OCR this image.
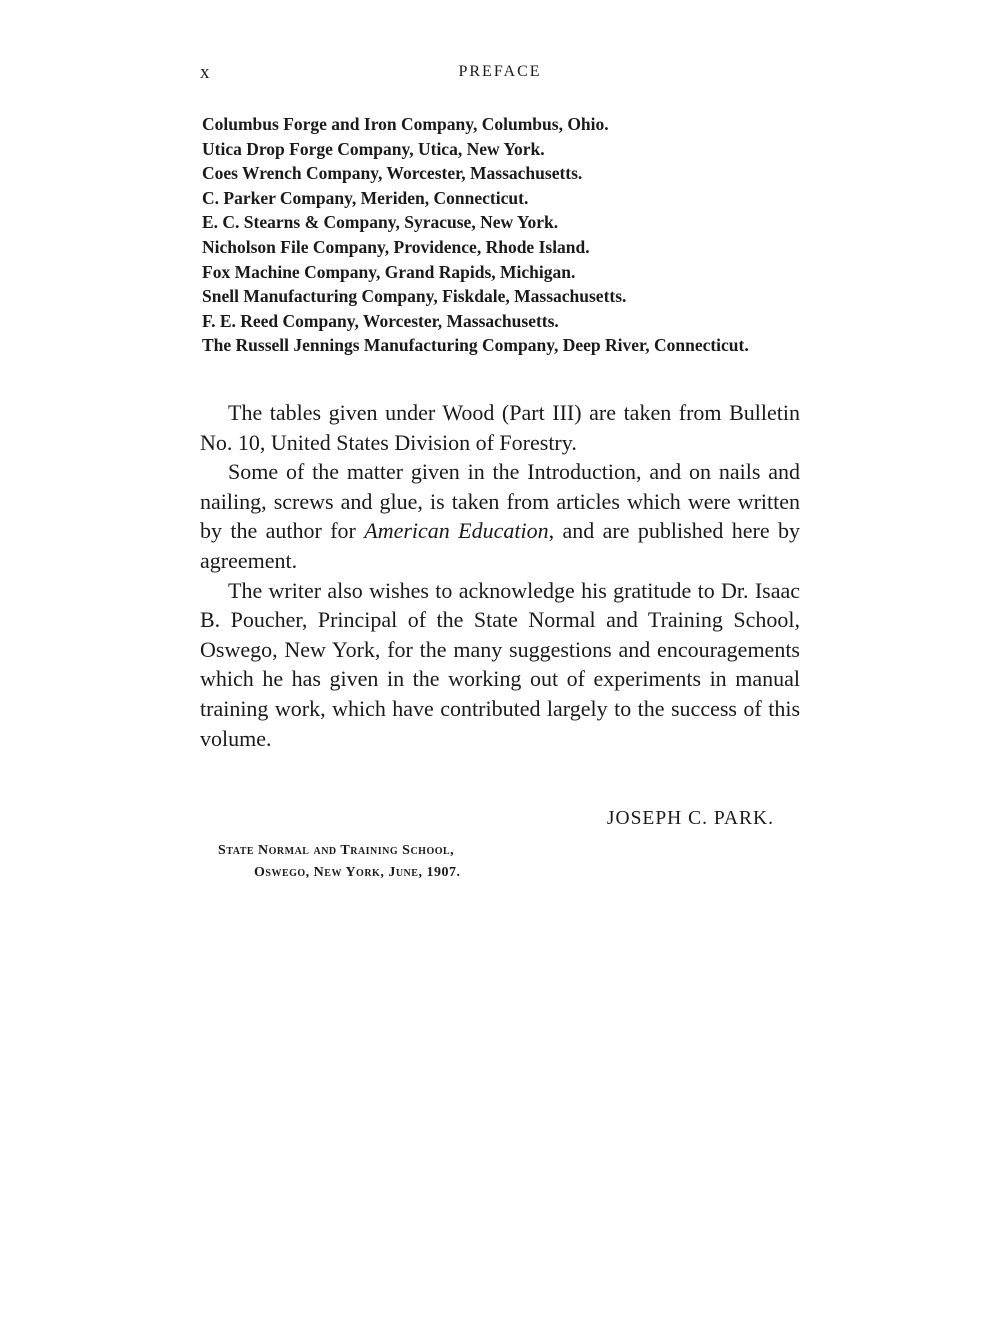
x	PREFACE
Columbus Forge and Iron Company, Columbus, Ohio.
Utica Drop Forge Company, Utica, New York.
Coes Wrench Company, Worcester, Massachusetts.
C. Parker Company, Meriden, Connecticut.
E. C. Stearns & Company, Syracuse, New York.
Nicholson File Company, Providence, Rhode Island.
Fox Machine Company, Grand Rapids, Michigan.
Snell Manufacturing Company, Fiskdale, Massachusetts.
F. E. Reed Company, Worcester, Massachusetts.
The Russell Jennings Manufacturing Company, Deep River, Connecticut.

The tables given under Wood (Part III) are taken from Bulletin No. 10, United States Division of Forestry.

Some of the matter given in the Introduction, and on nails and nailing, screws and glue, is taken from articles which were written by the author for American Education, and are published here by agreement.

The writer also wishes to acknowledge his gratitude to Dr. Isaac B. Poucher, Principal of the State Normal and Training School, Oswego, New York, for the many suggestions and encouragements which he has given in the working out of experiments in manual training work, which have contributed largely to the success of this volume.

JOSEPH C. PARK.
State Normal and Training School,
Oswego, New York, June, 1907.
